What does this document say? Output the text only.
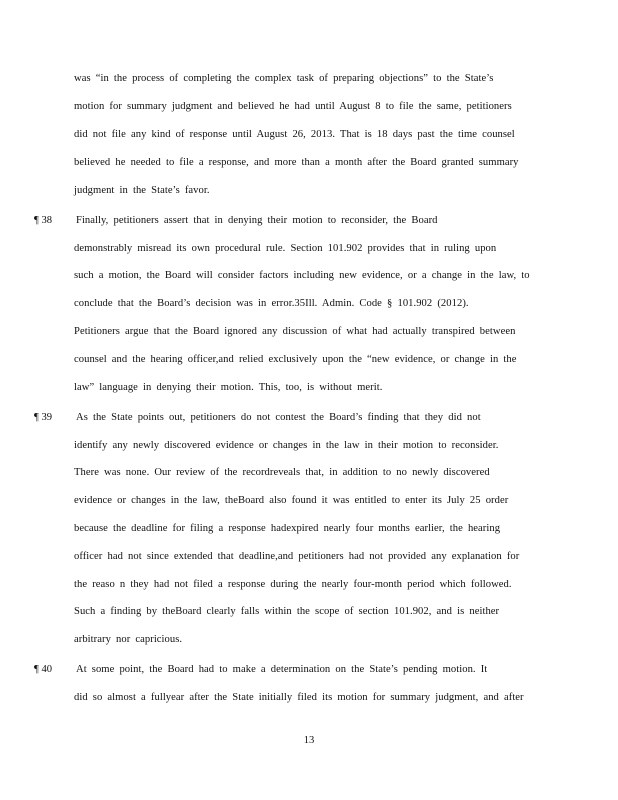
was “in the process of completing the complex task of preparing objections” to the State’s
motion for summary judgment and believed he had until August 8 to file the same, petitioners
did not file any kind of response until August 26, 2013. That is 18 days past the time counsel
believed he needed to file a response, and more than a month after the Board granted summary
judgment in the State’s favor.
¶ 38 Finally, petitioners assert that in denying their motion to reconsider, the Board
demonstrably misread its own procedural rule. Section 101.902 provides that in ruling upon
such a motion, the Board will consider factors including new evidence, or a change in the law, to
conclude that the Board’s decision was in error.35Ill. Admin. Code § 101.902 (2012).
Petitioners argue that the Board ignored any discussion of what had actually transpired between
counsel and the hearing officer,and relied exclusively upon the “new evidence, or change in the
law” language in denying their motion. This, too, is without merit.
¶ 39 As the State points out, petitioners do not contest the Board’s finding that they did not
identify any newly discovered evidence or changes in the law in their motion to reconsider.
There was none. Our review of the recordreveals that, in addition to no newly discovered
evidence or changes in the law, theBoard also found it was entitled to enter its July 25 order
because the deadline for filing a response hadexpired nearly four months earlier, the hearing
officer had not since extended that deadline,and petitioners had not provided any explanation for
the reaso n they had not filed a response during the nearly four-month period which followed.
Such a finding by theBoard clearly falls within the scope of section 101.902, and is neither
arbitrary nor capricious.
¶ 40 At some point, the Board had to make a determination on the State’s pending motion. It
did so almost a fullyear after the State initially filed its motion for summary judgment, and after
13
